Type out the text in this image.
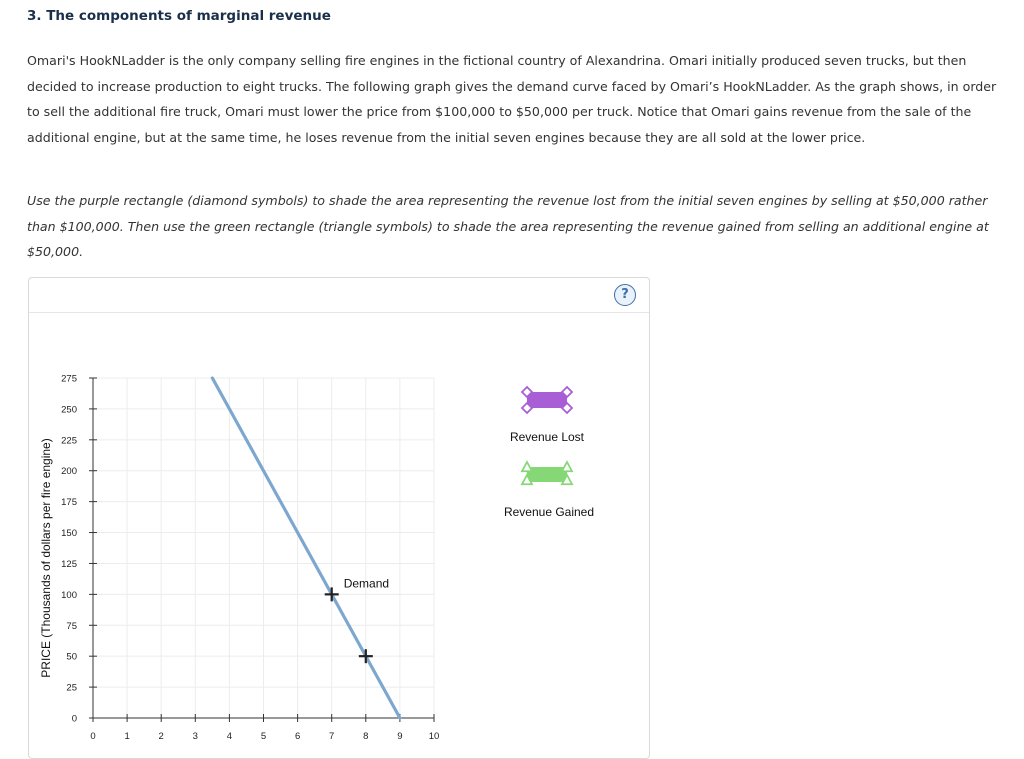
3. The components of marginal revenue
Omari's HookNLadder is the only company selling fire engines in the fictional country of Alexandrina. Omari initially produced seven trucks, but then decided to increase production to eight trucks. The following graph gives the demand curve faced by Omari’s HookNLadder. As the graph shows, in order to sell the additional fire truck, Omari must lower the price from $100,000 to $50,000 per truck. Notice that Omari gains revenue from the sale of the additional engine, but at the same time, he loses revenue from the initial seven engines because they are all sold at the lower price.
Use the purple rectangle (diamond symbols) to shade the area representing the revenue lost from the initial seven engines by selling at $50,000 rather than $100,000. Then use the green rectangle (triangle symbols) to shade the area representing the revenue gained from selling an additional engine at $50,000.
?
0
25
50
75
100
125
150
175
200
225
250
275
0	1	2	3	4	5	6	7	8	9	10
PRICE (Thousands of dollars per fire engine)	Demand
Revenue Lost
Revenue Gained
